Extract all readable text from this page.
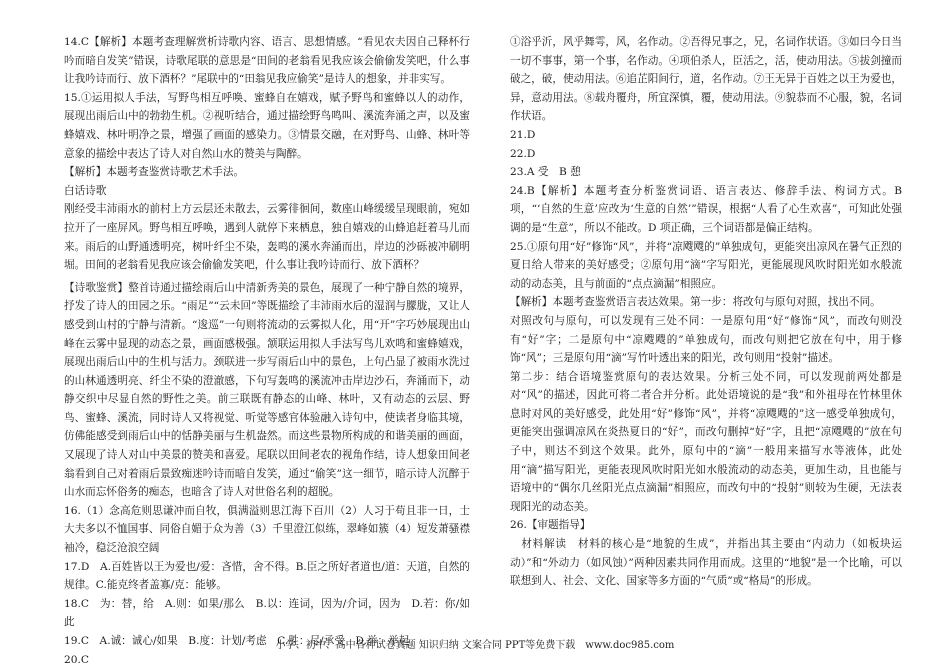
14.C【解析】本题考查理解赏析诗歌内容、语言、思想情感。“看见农夫因自己释杯行吟而暗自发笑”错误，诗歌尾联的意思是“田间的老翁看见我应该会偷偷发笑吧，什么事让我吟诗而行、放下酒杯？”尾联中的“田翁见我应偷笑”是诗人的想象，并非实写。

15.①运用拟人手法，写野鸟相互呼唤、蜜蜂自在嬉戏，赋予野鸟和蜜蜂以人的动作，展现出雨后山中的勃勃生机。②视听结合，通过描绘野鸟鸣叫、溪流奔涌之声，以及蜜蜂嬉戏、林叶明净之景，增强了画面的感染力。③情景交融，在对野鸟、山蜂、林叶等意象的描绘中表达了诗人对自然山水的赞美与陶醉。

【解析】本题考查鉴赏诗歌艺术手法。

白话诗歌

刚经受丰沛雨水的前村上方云层还未散去，云雾徘徊间，数座山峰缓缓呈现眼前，宛如拉开了一座屏风。野鸟相互呼唤，遇到人就停下来栖息，独自嬉戏的山蜂追赶着马儿而来。雨后的山野通透明亮，树叶纤尘不染，轰鸣的溪水奔涌而出，岸边的沙砾被冲刷明堀。田间的老翁看见我应该会偷偷发笑吧，什么事让我吟诗而行、放下酒杯？

【诗歌鉴赏】整首诗通过描绘雨后山中清新秀美的景色，展现了一种宁静自然的境界，抒发了诗人的田园之乐。“雨足”“云未回”等既描绘了丰沛雨水后的湿润与朦胧，又让人感受到山村的宁静与清新。“逡巡”一句则将流动的云雾拟人化，用“开”字巧妙展现出山峰在云雾中显现的动态之景，画面感极强。颔联运用拟人手法写鸟儿欢鸣和蜜蜂嬉戏，展现出雨后山中的生机与活力。颈联进一步写雨后山中的景色，上句凸显了被雨水洗过的山林通透明亮、纤尘不染的澄澈感，下句写轰鸣的溪流冲击岸边沙石，奔涌而下，动静交织中尽显自然的野性之美。前三联既有静态的山峰、林叶，又有动态的云层、野鸟、蜜蜂、溪流，同时诗人又将视觉、听觉等感官体验融入诗句中，使读者身临其境，仿佛能感受到雨后山中的恬静美丽与生机盎然。而这些景物所构成的和谐美丽的画面，又展现了诗人对山中美景的赞美和喜爱。尾联以田间老农的视角作结，诗人想象田间老翁看到自己对着雨后景致痴迷吟诗而暗自发笑，通过“偷笑”这一细节，暗示诗人沉醉于山水而忘怀俗务的痴态，也暗含了诗人对世俗名利的超脱。

16.（1）念高危则思谦冲而自牧，俱满溢则思江海下百川（2）人习于苟且非一日，士大夫多以不恤国事、同俗自媚于众为善（3）千里澄江似练，翠峰如簇（4）短发萧骚襟袖冷，稳泛沧浪空阔

17.D　A.百姓皆以王为爱也/爱：吝惜，舍不得。B.臣之所好者道也/道：天道，自然的规律。C.能克终者盖寡/克：能够。

18.C　为：替，给　A.则：如果/那么　B.以：连词，因为/介词，因为　D.若：你/如此

19.C　A.诚：诚心/如果　B.度：计划/考虑　C.胜：尽/承受　D.举：举起

20.C

①浴乎沂，风乎舞雩，风，名作动。②吾得兄事之，兄，名词作状语。③如曰今日当一切不事事，第一个事，名作动。④项伯杀人，臣活之，活，使动用法。⑤拔剑撞而破之，破，使动用法。⑥追芷阳间行，道，名作动。⑦王无异于百姓之以王为爱也，异，意动用法。⑧载舟覆舟，所宜深慎，覆，使动用法。⑨貌恭而不心服，貌，名词作状语。

21.D

22.D

23.A 受　B 憩

24.B【解析】本题考查分析鉴赏词语、语言表达、修辞手法、构词方式。B 项，“‘自然的生意’应改为‘生意的自然’”错误，根据“人看了心生欢喜”，可知此处强调的是“生意”，所以不能改。D 项正确，三个词语都是偏正结构。

25.①原句用“好”修饰“风”，并将“凉飕飕的”单独成句，更能突出凉风在暑气正烈的夏日给人带来的美好感受；②原句用“滴”字写阳光，更能展现风吹时阳光如水般流动的动态美，且与前面的“点点滴漏”相照应。

【解析】本题考查鉴赏语言表达效果。第一步：将改句与原句对照，找出不同。

对照改句与原句，可以发现有三处不同：一是原句用“好”修饰“风”，而改句则没有“好”字；二是原句中“凉飕飕的”单独成句，而改句则把它放在句中，用于修饰“风”；三是原句用“滴”写竹叶透出来的阳光，改句则用“投射”描述。

第二步：结合语境鉴赏原句的表达效果。分析三处不同，可以发现前两处都是对“风”的描述，因此可将二者合并分析。此处语境说的是“我”和外祖母在竹林里休息时对风的美好感受，此处用“好”修饰“风”，并将“凉飕飕的”这一感受单独成句，更能突出强调凉风在炎热夏日的“好”，而改句删掉“好”字，且把“凉飕飕的”放在句子中，则达不到这个效果。此外，原句中的“滴”一般用来描写水等液体，此处用“滴”描写阳光，更能表现风吹时阳光如水般流动的动态美，更加生动，且也能与语境中的“偶尔几丝阳光点点滴漏”相照应，而改句中的“投射”则较为生硬，无法表现阳光的动态美。

26.【审题指导】

　材料解读　材料的核心是“地貌的生成”，并指出其主要由“内动力（如板块运动）”和“外动力（如风蚀）”两种因素共同作用而成。这里的“地貌”是一个比喻，可以联想到人、社会、文化、国家等多方面的“气质”或“格局”的形成。

小学、初中、高中各种试卷真题 知识归纳 文案合同 PPT等免费下载　www.doc985.com
